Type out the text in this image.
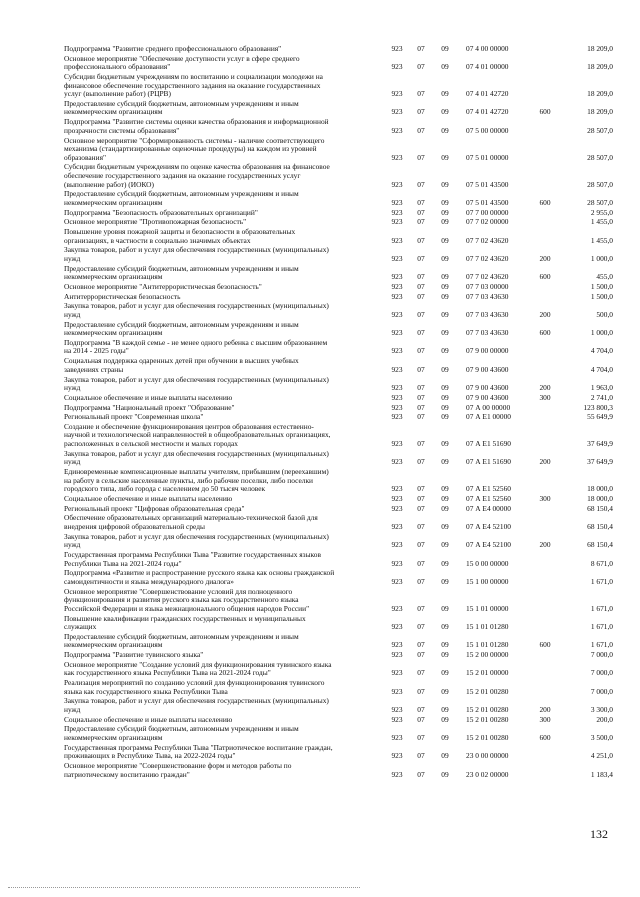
Подпрограмма "Развитие среднего профессионального образования"	923	07	09	07 4 00 00000	18 209,0
Основное мероприятие "Обеспечение доступности услуг в сфере среднего
профессионального образования"	923	07	09	07 4 01 00000	18 209,0
Субсидии бюджетным учреждениям по воспитанию и социализации молодежи на
финансовое обеспечение государственного задания на оказание государственных
услуг (выполнение работ) (РЦРВ)	923	07	09	07 4 01 42720	18 209,0
Предоставление субсидий бюджетным, автономным учреждениям и иным
некоммерческим организациям	923	07	09	07 4 01 42720	600	18 209,0
Подпрограмма "Развитие системы оценки качества образования и информационной
прозрачности системы образования"	923	07	09	07 5 00 00000	28 507,0
Основное мероприятие "Сформированность системы - наличие соответствующего
механизма (стандартизированные оценочные процедуры) на каждом из уровней
образования"	923	07	09	07 5 01 00000	28 507,0
Субсидии бюджетным учреждениям по оценке качества образования на финансовое
обеспечение государственного задания на оказание государственных услуг
(выполнение работ) (ИОКО)	923	07	09	07 5 01 43500	28 507,0
Предоставление субсидий бюджетным, автономным учреждениям и иным
некоммерческим организациям	923	07	09	07 5 01 43500	600	28 507,0
Подпрограмма "Безопасность образовательных организаций"	923	07	09	07 7 00 00000	2 955,0
Основное мероприятие "Противопожарная безопасность"	923	07	09	07 7 02 00000	1 455,0
Повышение уровня пожарной защиты и безопасности в образовательных
организациях, в частности в социально значимых объектах	923	07	09	07 7 02 43620	1 455,0
Закупка товаров, работ и услуг для обеспечения государственных (муниципальных)
нужд	923	07	09	07 7 02 43620	200	1 000,0
Предоставление субсидий бюджетным, автономным учреждениям и иным
некоммерческим организациям	923	07	09	07 7 02 43620	600	455,0
Основное мероприятие "Антитеррористическая безопасность"	923	07	09	07 7 03 00000	1 500,0
Антитеррористическая безопасность	923	07	09	07 7 03 43630	1 500,0
Закупка товаров, работ и услуг для обеспечения государственных (муниципальных)
нужд	923	07	09	07 7 03 43630	200	500,0
Предоставление субсидий бюджетным, автономным учреждениям и иным
некоммерческим организациям	923	07	09	07 7 03 43630	600	1 000,0
Подпрограмма "В каждой семье - не менее одного ребенка с высшим образованием
на 2014 - 2025 годы"	923	07	09	07 9 00 00000	4 704,0
Социальная поддержка одаренных детей при обучении в высших учебных
заведениях страны	923	07	09	07 9 00 43600	4 704,0
Закупка товаров, работ и услуг для обеспечения государственных (муниципальных)
нужд	923	07	09	07 9 00 43600	200	1 963,0
Социальное обеспечение и иные выплаты населению	923	07	09	07 9 00 43600	300	2 741,0
Подпрограмма "Национальный проект "Образование"	923	07	09	07 А 00 00000	123 800,3
Региональный проект "Современная школа"	923	07	09	07 А Е1 00000	55 649,9
Создание и обеспечение функционирования центров образования естественно-
научной и технологической направленностей в общеобразовательных организациях,
расположенных в сельской местности и малых городах	923	07	09	07 А Е1 51690	37 649,9
Закупка товаров, работ и услуг для обеспечения государственных (муниципальных)
нужд	923	07	09	07 А Е1 51690	200	37 649,9
Единовременные компенсационные выплаты учителям, прибывшим (переехавшим)
на работу в сельские населенные пункты, либо рабочие поселки, либо поселки
городского типа, либо города с населением до 50 тысяч человек	923	07	09	07 А Е1 52560	18 000,0
Социальное обеспечение и иные выплаты населению	923	07	09	07 А Е1 52560	300	18 000,0
Региональный проект "Цифровая образовательная среда"	923	07	09	07 А Е4 00000	68 150,4
Обеспечение образовательных организаций материально-технической базой для
внедрения цифровой образовательной среды	923	07	09	07 А Е4 52100	68 150,4
Закупка товаров, работ и услуг для обеспечения государственных (муниципальных)
нужд	923	07	09	07 А Е4 52100	200	68 150,4
Государственная программа Республики Тыва "Развитие государственных языков
Республики Тыва на 2021-2024 годы"	923	07	09	15 0 00 00000	8 671,0
Подпрограмма «Развитие и распространение русского языка как основы гражданской
самоидентичности и языка международного диалога»	923	07	09	15 1 00 00000	1 671,0
Основное мероприятие "Совершенствование условий для полноценного
функционирования и развития русского языка как государственного языка
Российской Федерации и языка межнационального общения народов России"	923	07	09	15 1 01 00000	1 671,0
Повышение квалификации гражданских государственных и муниципальных
служащих	923	07	09	15 1 01 01280	1 671,0
Предоставление субсидий бюджетным, автономным учреждениям и иным
некоммерческим организациям	923	07	09	15 1 01 01280	600	1 671,0
Подпрограмма "Развитие тувинского языка"	923	07	09	15 2 00 00000	7 000,0
Основное мероприятие "Создание условий для функционирования тувинского языка
как государственного языка Республики Тыва на 2021-2024 годы"	923	07	09	15 2 01 00000	7 000,0
Реализация мероприятий по созданию условий для функционирования тувинского
языка как государственного языка Республики Тыва	923	07	09	15 2 01 00280	7 000,0
Закупка товаров, работ и услуг для обеспечения государственных (муниципальных)
нужд	923	07	09	15 2 01 00280	200	3 300,0
Социальное обеспечение и иные выплаты населению	923	07	09	15 2 01 00280	300	200,0
Предоставление субсидий бюджетным, автономным учреждениям и иным
некоммерческим организациям	923	07	09	15 2 01 00280	600	3 500,0
Государственная программа Республики Тыва "Патриотическое воспитание граждан,
проживающих в Республике Тыва, на 2022-2024 годы"	923	07	09	23 0 00 00000	4 251,0
Основное мероприятие "Совершенствование форм и методов работы по
патриотическому воспитанию граждан"	923	07	09	23 0 02 00000	1 183,4
132
